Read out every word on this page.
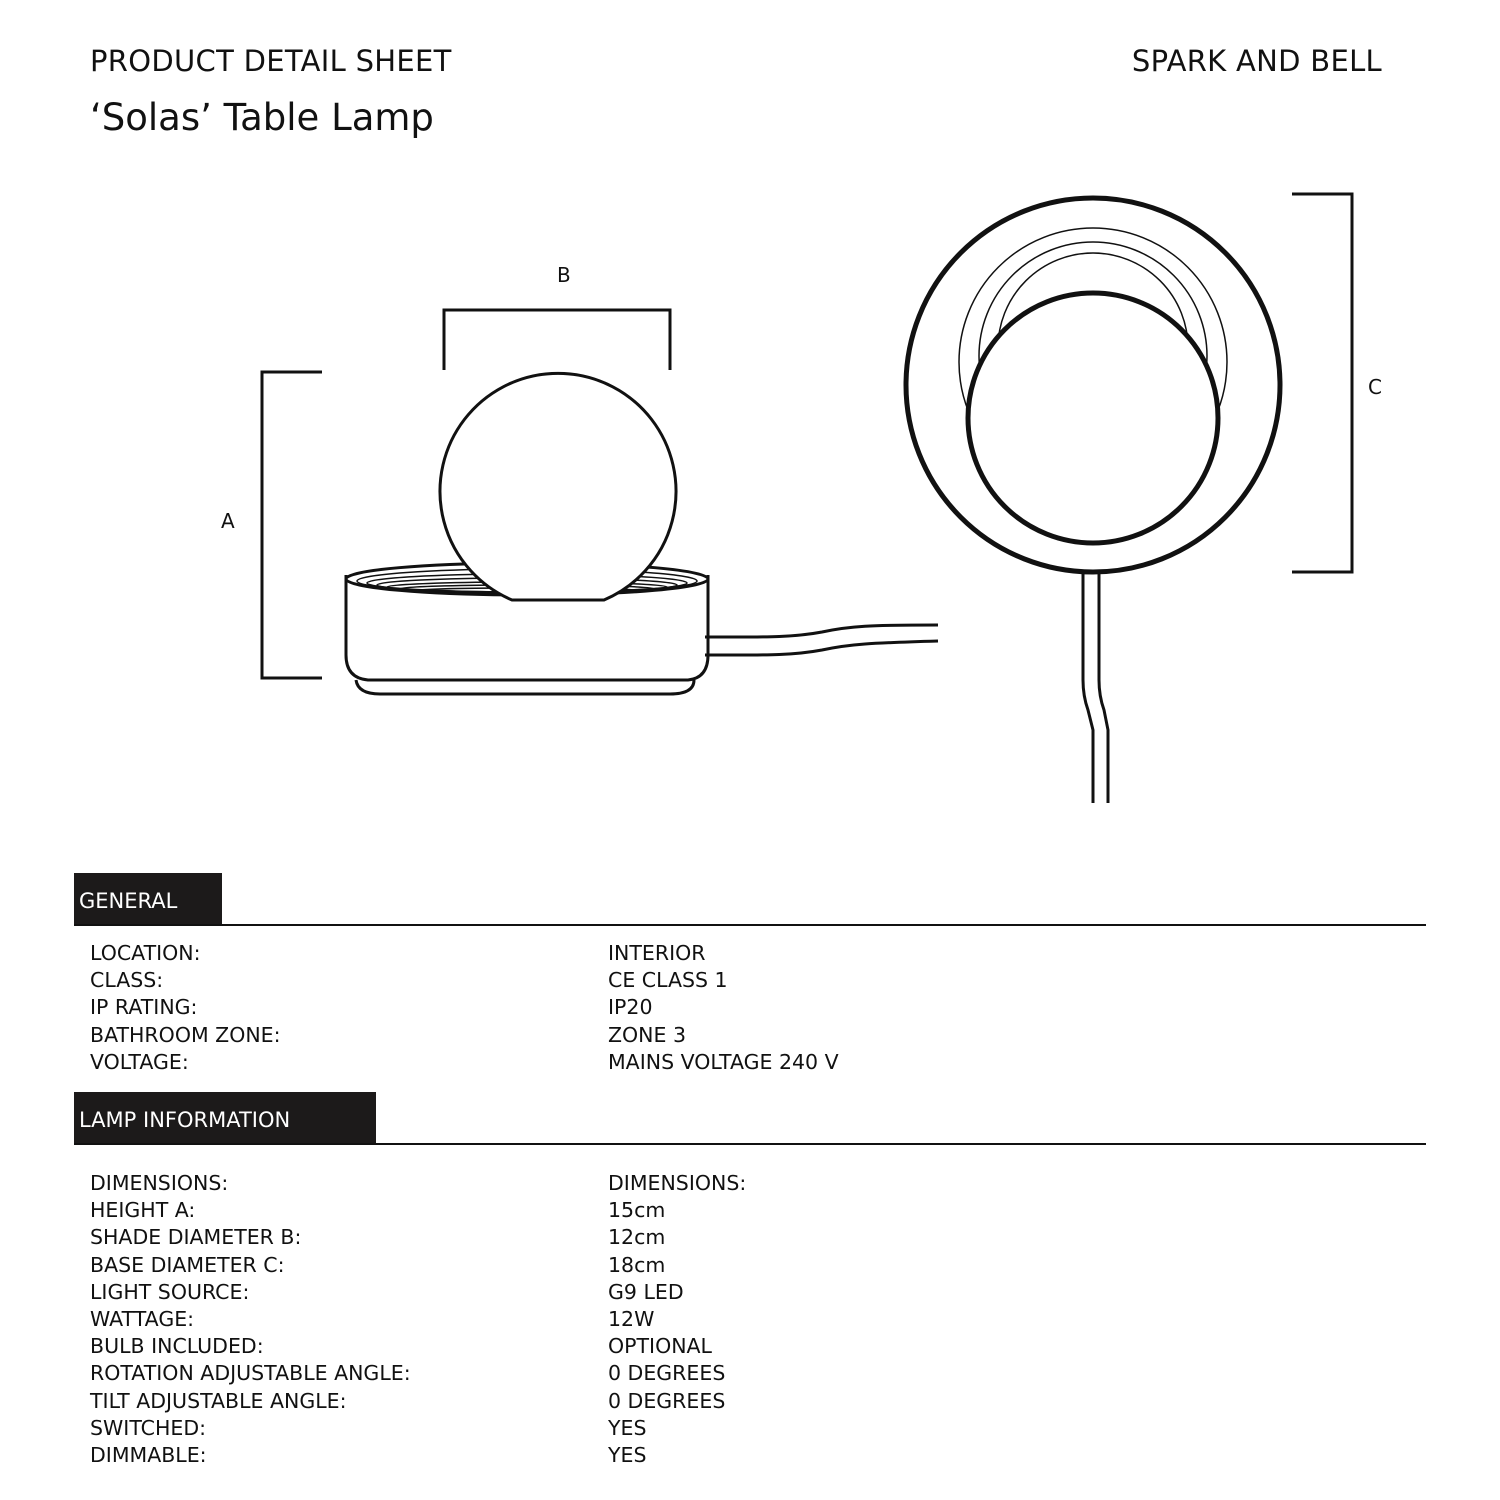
PRODUCT DETAIL SHEET	SPARK AND BELL
‘Solas’ Table Lamp
A
B
C
GENERAL
LOCATION:	INTERIOR
CLASS:	CE CLASS 1
IP RATING:	IP20
BATHROOM ZONE:	ZONE 3
VOLTAGE:	MAINS VOLTAGE 240 V
LAMP INFORMATION
DIMENSIONS:	DIMENSIONS:
HEIGHT A:	15cm
SHADE DIAMETER B:	12cm
BASE DIAMETER C:	18cm
LIGHT SOURCE:	G9 LED
WATTAGE:	12W
BULB INCLUDED:	OPTIONAL
ROTATION ADJUSTABLE ANGLE:	0 DEGREES
TILT ADJUSTABLE ANGLE:	0 DEGREES
SWITCHED:	YES
DIMMABLE:	YES
